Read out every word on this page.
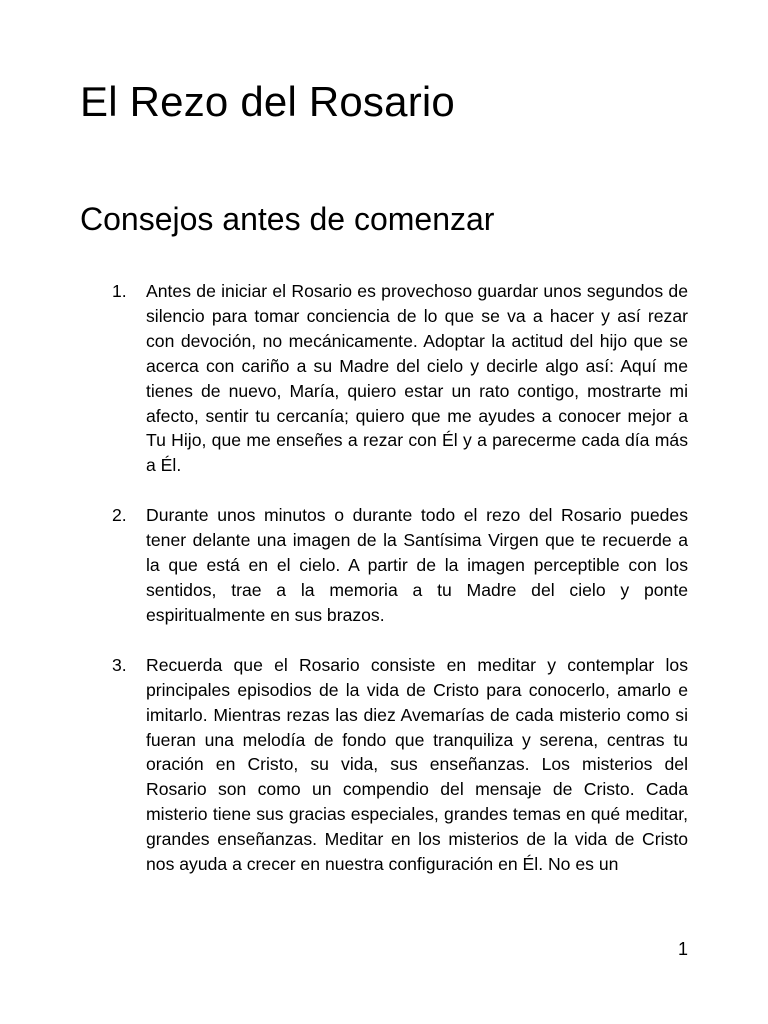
El Rezo del Rosario
Consejos antes de comenzar
1. Antes de iniciar el Rosario es provechoso guardar unos segundos de silencio para tomar conciencia de lo que se va a hacer y así rezar con devoción, no mecánicamente. Adoptar la actitud del hijo que se acerca con cariño a su Madre del cielo y decirle algo así: Aquí me tienes de nuevo, María, quiero estar un rato contigo, mostrarte mi afecto, sentir tu cercanía; quiero que me ayudes a conocer mejor a Tu Hijo, que me enseñes a rezar con Él y a parecerme cada día más a Él.
2. Durante unos minutos o durante todo el rezo del Rosario puedes tener delante una imagen de la Santísima Virgen que te recuerde a la que está en el cielo. A partir de la imagen perceptible con los sentidos, trae a la memoria a tu Madre del cielo y ponte espiritualmente en sus brazos.
3. Recuerda que el Rosario consiste en meditar y contemplar los principales episodios de la vida de Cristo para conocerlo, amarlo e imitarlo. Mientras rezas las diez Avemarías de cada misterio como si fueran una melodía de fondo que tranquiliza y serena, centras tu oración en Cristo, su vida, sus enseñanzas. Los misterios del Rosario son como un compendio del mensaje de Cristo. Cada misterio tiene sus gracias especiales, grandes temas en qué meditar, grandes enseñanzas. Meditar en los misterios de la vida de Cristo nos ayuda a crecer en nuestra configuración en Él. No es un
1
